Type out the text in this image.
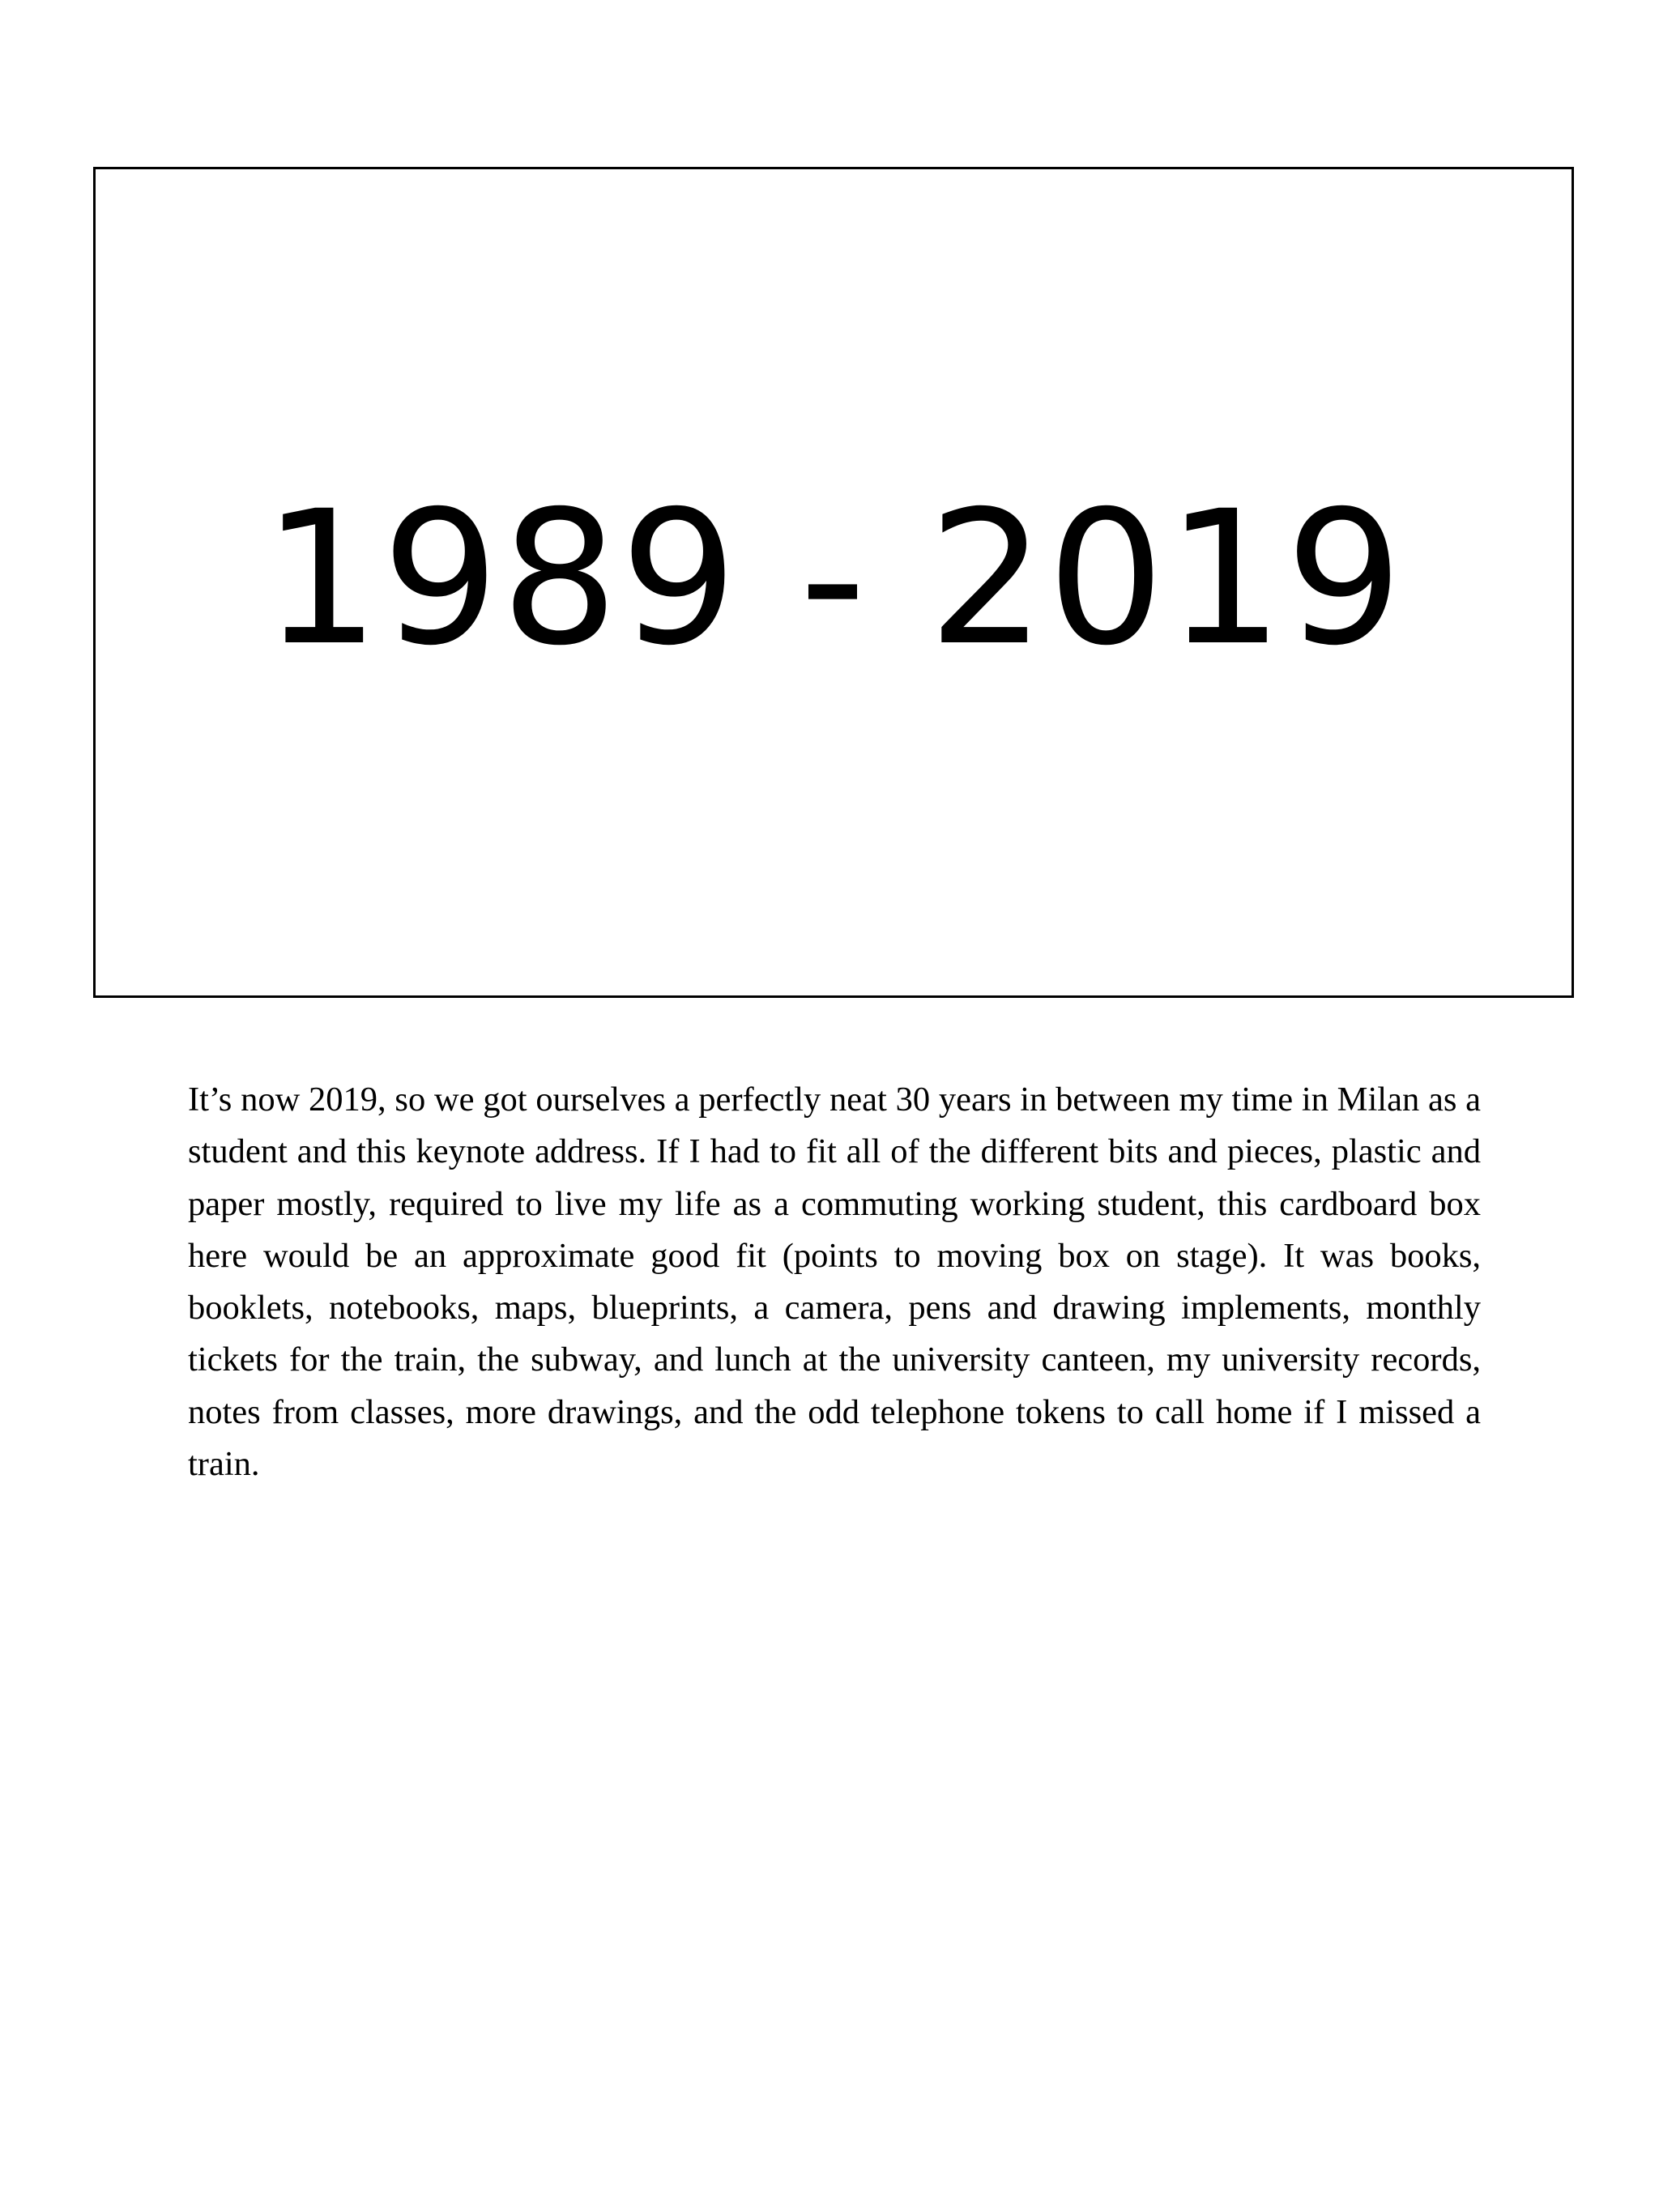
1989 - 2019

It’s now 2019, so we got ourselves a perfectly neat 30 years in between my time in Milan as a student and this keynote address. If I had to fit all of the different bits and pieces, plastic and paper mostly, required to live my life as a commuting working student, this cardboard box here would be an approximate good fit (points to moving box on stage). It was books, booklets, notebooks, maps, blueprints, a camera, pens and drawing implements, monthly tickets for the train, the subway, and lunch at the university canteen, my university records, notes from classes, more drawings, and the odd telephone tokens to call home if I missed a train.
